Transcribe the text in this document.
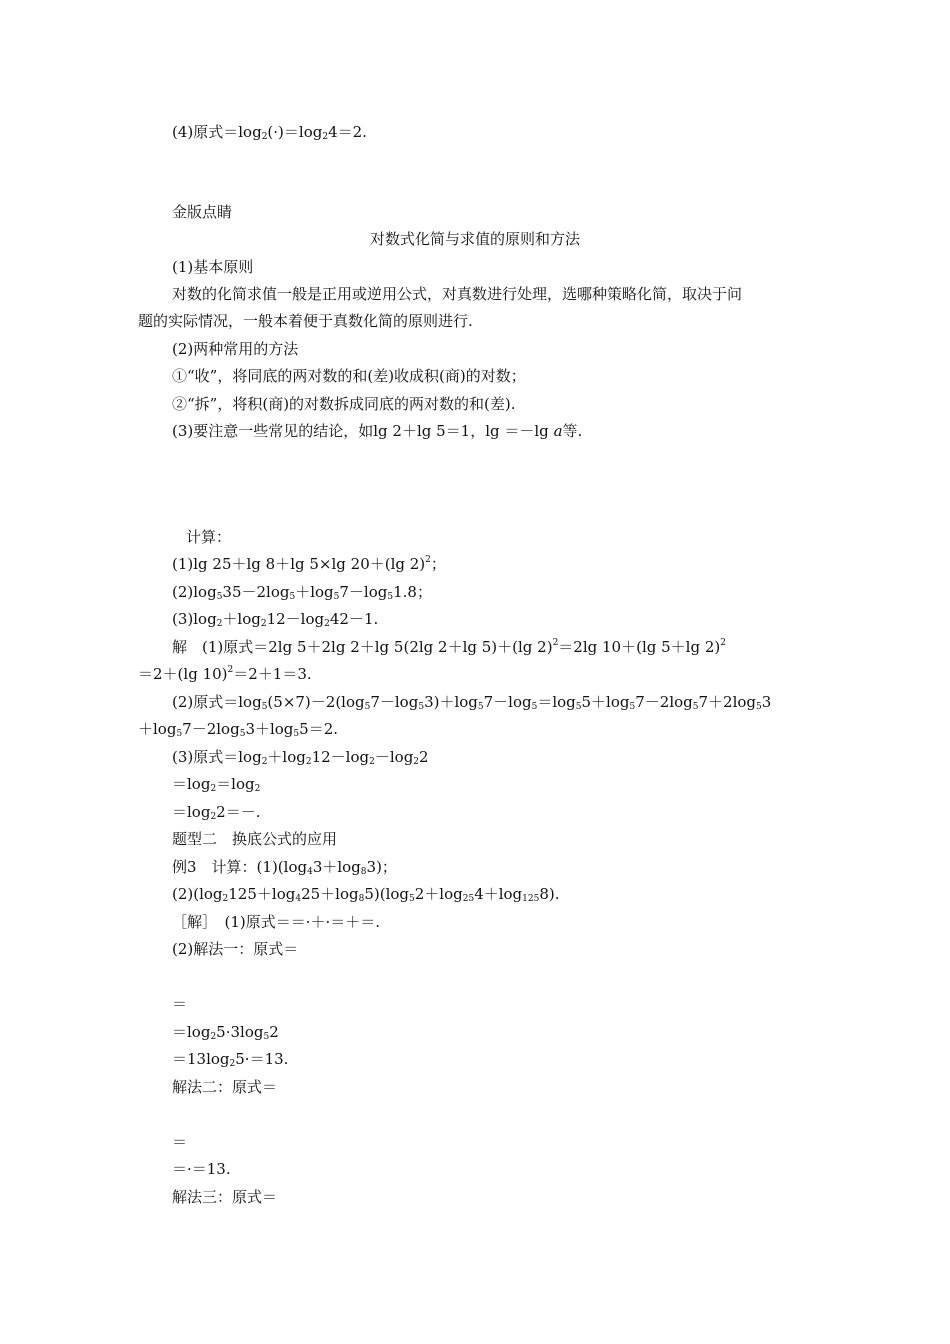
(4)原式$=\log_2(\cdot)=\log_24=2$.
金版点睛
对数式化简与求值的原则和方法
(1)基本原则
对数的化简求值一般是正用或逆用公式，对真数进行处理，选哪种策略化简，取决于问
题的实际情况，一般本着便于真数化简的原则进行.
(2)两种常用的方法
①“收”，将同底的两对数的和(差)收成积(商)的对数；
②“拆”，将积(商)的对数拆成同底的两对数的和(差).
(3)要注意一些常见的结论，如lg 2＋lg 5＝1，lg ＝－lg a等.
计算：
(1)lg 25＋lg 8＋lg 5×lg 20＋(lg 2)$^2$；
$(2)\log_535-2\log_5+\log_57-\log_51.8$；
$(3)\log_2+\log_212-\log_242-1$.
解　(1)原式＝2lg 5＋2lg 2＋lg 5(2lg 2＋lg 5)＋(lg 2)$^2$＝2lg 10＋(lg 5＋lg 2)$^2$
＝2＋(lg 10)$^2$＝2＋1＝3.
(2)原式$=\log_5(5\times 7)-2(\log_57-\log_53)+\log_57-\log_5=\log_55+\log_57-2\log_57+2\log_53$
$+\log_57-2\log_53+\log_55=2$.
(3)原式$=\log_2+\log_212-\log_2-\log_22$
$=\log_2=\log_2$
$=\log_22=-$.
题型二　换底公式的应用
例3　计算：$(1)(\log_43+\log_83)$；
$(2)(\log_2125+\log_425+\log_85)(\log_52+\log_{25}4+\log_{125}8)$.
［解］　(1)原式＝＝·＋·＝＋＝.
(2)解法一：原式＝
＝
$=\log_25\cdot 3\log_52$
$=13\log_25\cdot=13$.
解法二：原式＝
＝
＝·＝13.
解法三：原式＝
